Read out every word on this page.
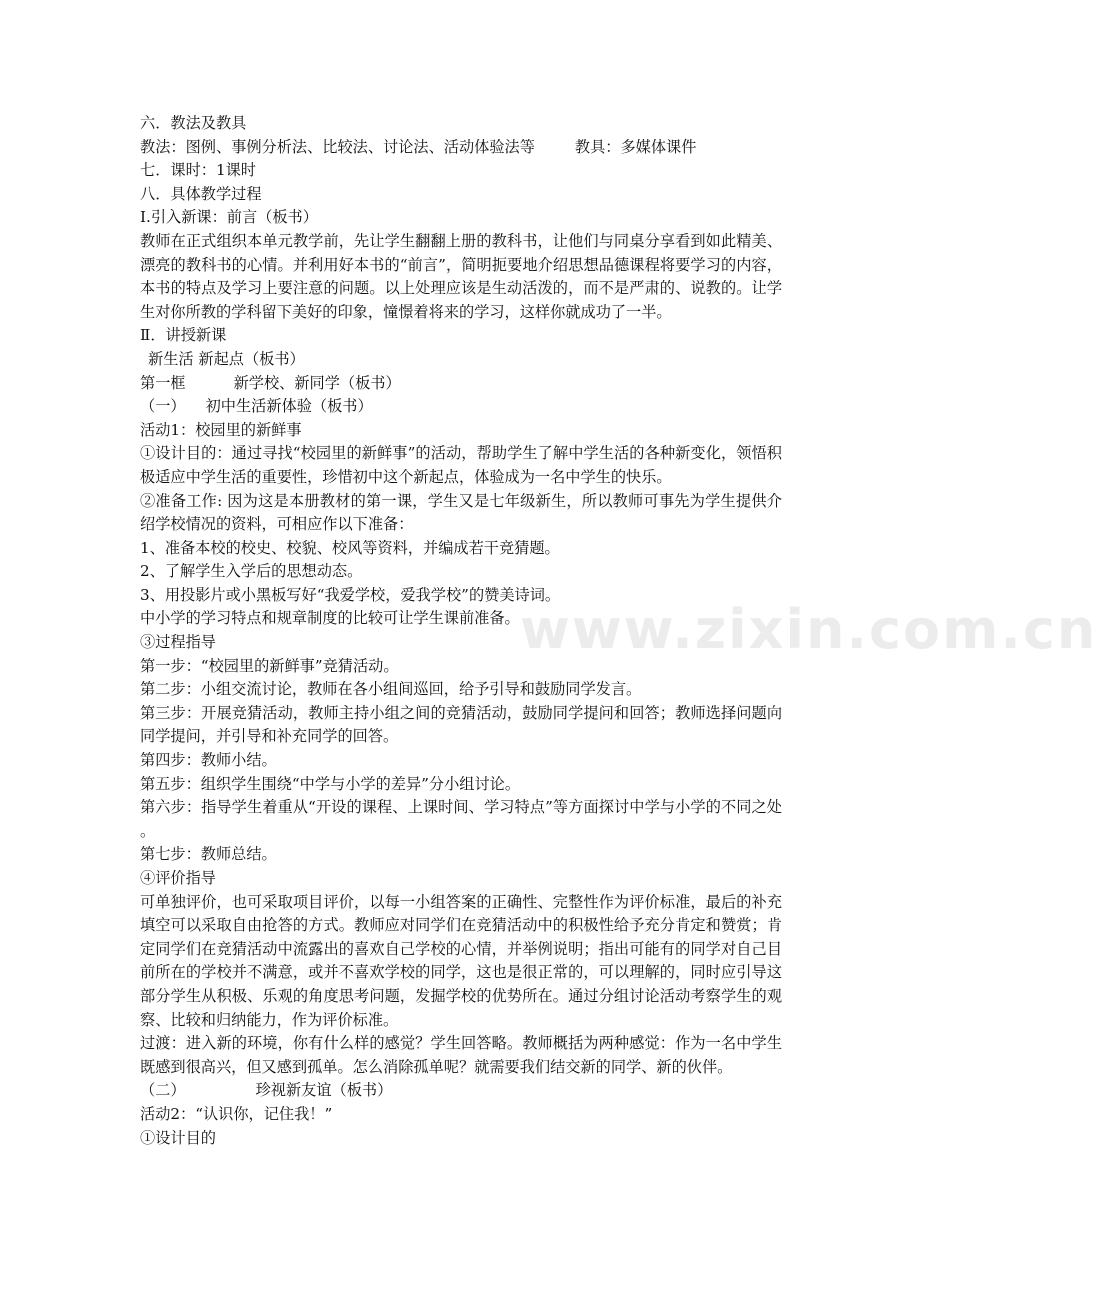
www.zixin.com.cn

六．教法及教具

教法：图例、事例分析法、比较法、讨论法、活动体验法等	教具：多媒体课件

七．课时：1课时

八．具体教学过程

Ⅰ.引入新课：前言（板书）

教师在正式组织本单元教学前，先让学生翻翻上册的教科书，让他们与同桌分享看到如此精美、漂亮的教科书的心情。并利用好本书的“前言”，简明扼要地介绍思想品德课程将要学习的内容，本书的特点及学习上要注意的问题。以上处理应该是生动活泼的，而不是严肃的、说教的。让学生对你所教的学科留下美好的印象，憧憬着将来的学习，这样你就成功了一半。

Ⅱ．讲授新课

新生活 新起点（板书）

第一框	新学校、新同学（板书）

（一） 初中生活新体验（板书）

活动1：校园里的新鲜事

①设计目的：通过寻找“校园里的新鲜事”的活动，帮助学生了解中学生活的各种新变化，领悟积极适应中学生活的重要性，珍惜初中这个新起点，体验成为一名中学生的快乐。

②准备工作: 因为这是本册教材的第一课，学生又是七年级新生，所以教师可事先为学生提供介绍学校情况的资料，可相应作以下准备：

1、准备本校的校史、校貌、校风等资料，并编成若干竞猜题。

2、了解学生入学后的思想动态。

3、用投影片或小黑板写好“我爱学校，爱我学校”的赞美诗词。

中小学的学习特点和规章制度的比较可让学生课前准备。

③过程指导

第一步：“校园里的新鲜事”竞猜活动。

第二步：小组交流讨论，教师在各小组间巡回，给予引导和鼓励同学发言。

第三步：开展竞猜活动，教师主持小组之间的竞猜活动，鼓励同学提问和回答；教师选择问题向同学提问，并引导和补充同学的回答。

第四步：教师小结。

第五步：组织学生围绕“中学与小学的差异”分小组讨论。

第六步：指导学生着重从“开设的课程、上课时间、学习特点”等方面探讨中学与小学的不同之处。

第七步：教师总结。

④评价指导

可单独评价，也可采取项目评价，以每一小组答案的正确性、完整性作为评价标准，最后的补充填空可以采取自由抢答的方式。教师应对同学们在竞猜活动中的积极性给予充分肯定和赞赏；肯定同学们在竞猜活动中流露出的喜欢自己学校的心情，并举例说明；指出可能有的同学对自己目前所在的学校并不满意，或并不喜欢学校的同学，这也是很正常的，可以理解的，同时应引导这部分学生从积极、乐观的角度思考问题，发掘学校的优势所在。通过分组讨论活动考察学生的观察、比较和归纳能力，作为评价标准。

过渡：进入新的环境，你有什么样的感觉？学生回答略。教师概括为两种感觉：作为一名中学生既感到很高兴，但又感到孤单。怎么消除孤单呢？就需要我们结交新的同学、新的伙伴。

（二）	珍视新友谊（板书）

活动2：“认识你，记住我！”

①设计目的
